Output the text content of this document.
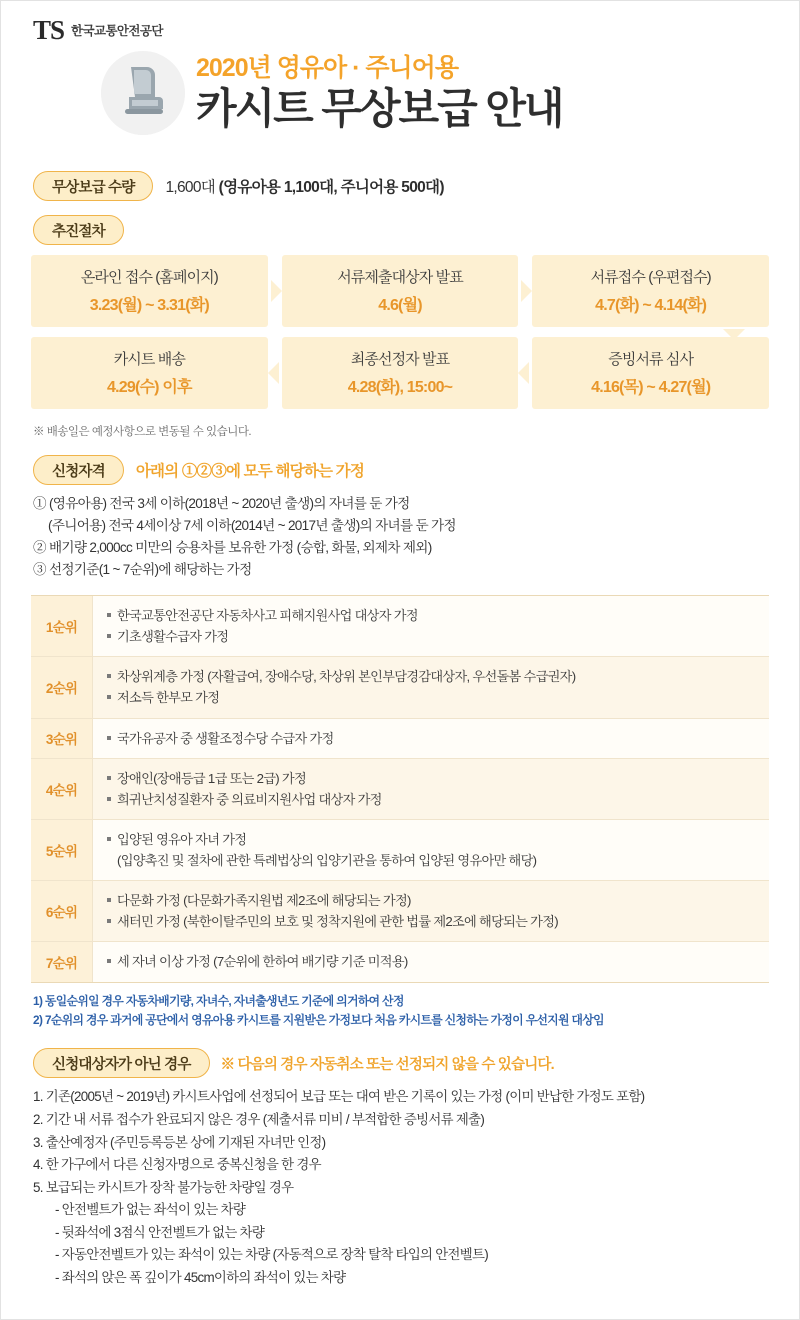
TS 한국교통안전공단
2020년 영유아 · 주니어용
카시트 무상보급 안내
무상보급 수량	1,600대 (영유아용 1,100대, 주니어용 500대)
추진절차
온라인 접수 (홈페이지)
3.23(월) ~ 3.31(화)
서류제출대상자 발표
4.6(월)
서류접수 (우편접수)
4.7(화) ~ 4.14(화)
카시트 배송
4.29(수) 이후
최종선정자 발표
4.28(화), 15:00~
증빙서류 심사
4.16(목) ~ 4.27(월)
※ 배송일은 예정사항으로 변동될 수 있습니다.
신청자격	아래의 ①②③에 모두 해당하는 가정
① (영유아용) 전국 3세 이하(2018년 ~ 2020년 출생)의 자녀를 둔 가정
(주니어용) 전국 4세이상 7세 이하(2014년 ~ 2017년 출생)의 자녀를 둔 가정
② 배기량 2,000cc 미만의 승용차를 보유한 가정 (승합, 화물, 외제차 제외)
③ 선정기준(1 ~ 7순위)에 해당하는 가정
1순위
한국교통안전공단 자동차사고 피해지원사업 대상자 가정
기초생활수급자 가정
2순위
차상위계층 가정 (자활급여, 장애수당, 차상위 본인부담경감대상자, 우선돌봄 수급권자)
저소득 한부모 가정
3순위	국가유공자 중 생활조정수당 수급자 가정
4순위
장애인(장애등급 1급 또는 2급) 가정
희귀난치성질환자 중 의료비지원사업 대상자 가정
5순위
입양된 영유아 자녀 가정
(입양촉진 및 절차에 관한 특례법상의 입양기관을 통하여 입양된 영유아만 해당)
6순위
다문화 가정 (다문화가족지원법 제2조에 해당되는 가정)
새터민 가정 (북한이탈주민의 보호 및 정착지원에 관한 법률 제2조에 해당되는 가정)
7순위	세 자녀 이상 가정 (7순위에 한하여 배기량 기준 미적용)
1) 동일순위일 경우 자동차배기량, 자녀수, 자녀출생년도 기준에 의거하여 산정
2) 7순위의 경우 과거에 공단에서 영유아용 카시트를 지원받은 가정보다 처음 카시트를 신청하는 가정이 우선지원 대상임
신청대상자가 아닌 경우	※ 다음의 경우 자동취소 또는 선정되지 않을 수 있습니다.
1. 기존(2005년 ~ 2019년) 카시트사업에 선정되어 보급 또는 대여 받은 기록이 있는 가정 (이미 반납한 가정도 포함)
2. 기간 내 서류 접수가 완료되지 않은 경우 (제출서류 미비 / 부적합한 증빙서류 제출)
3. 출산예정자 (주민등록등본 상에 기재된 자녀만 인정)
4. 한 가구에서 다른 신청자명으로 중복신청을 한 경우
5. 보급되는 카시트가 장착 불가능한 차량일 경우
- 안전벨트가 없는 좌석이 있는 차량
- 뒷좌석에 3점식 안전벨트가 없는 차량
- 자동안전벨트가 있는 좌석이 있는 차량 (자동적으로 장착 탈착 타입의 안전벨트)
- 좌석의 앉은 폭 깊이가 45cm이하의 좌석이 있는 차량
